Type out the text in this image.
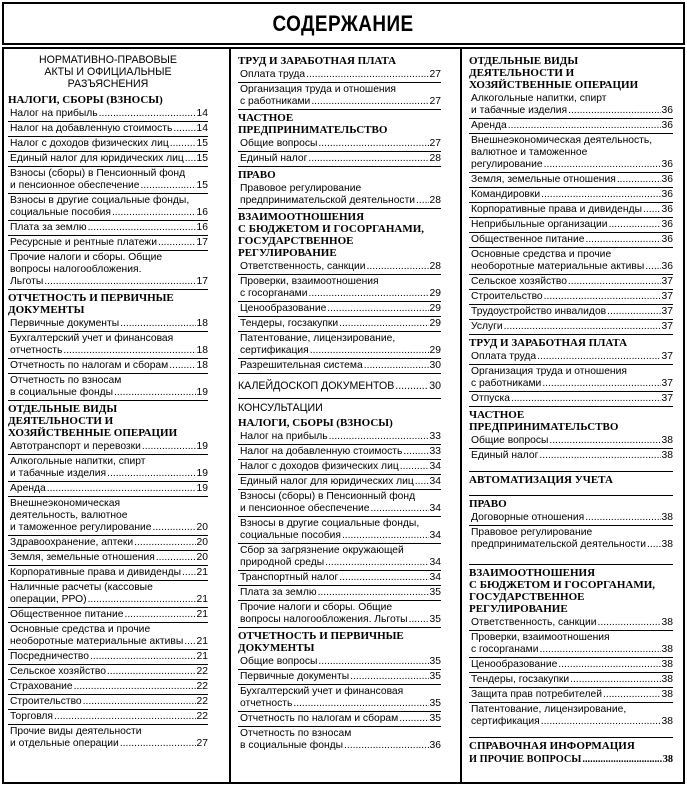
СОДЕРЖАНИЕ
НОРМАТИВНО-ПРАВОВЫЕ
АКТЫ И ОФИЦИАЛЬНЫЕ
РАЗЪЯСНЕНИЯ
НАЛОГИ, СБОРЫ (ВЗНОСЫ)
Налог на прибыль .....	14
Налог на добавленную стоимость ..... 14
Налог с доходов физических лиц .....	15
Единый налог для юридических лиц ..... 15
Взносы (сборы) в Пенсионный фонд
и пенсионное обеспечение .....	15
Взносы в другие социальные фонды,
социальные пособия .....	16
Плата за землю .....	16
Ресурсные и рентные платежи .....	17
Прочие налоги и сборы. Общие
вопросы налогообложения.
Льготы .....	17
ОТЧЕТНОСТЬ И ПЕРВИЧНЫЕ
ДОКУМЕНТЫ
Первичные документы .....	18
Бухгалтерский учет и финансовая
отчетность .....	18
Отчетность по налогам и сборам .....	18
Отчетность по взносам
в социальные фонды .....	19
ОТДЕЛЬНЫЕ ВИДЫ
ДЕЯТЕЛЬНОСТИ И
ХОЗЯЙСТВЕННЫЕ ОПЕРАЦИИ
Автотранспорт и перевозки .....	19
Алкогольные напитки, спирт
и табачные изделия .....	19
Аренда .....	19
Внешнеэкономическая
деятельность, валютное
и таможенное регулирование .....	20
Здравоохранение, аптеки .....	20
Земля, земельные отношения .....	20
Корпоративные права и дивиденды ..... 21
Наличные расчеты (кассовые
операции, РРО) .....	21
Общественное питание .....	21
Основные средства и прочие
необоротные материальные активы ..... 21
Посредничество .....	21
Сельское хозяйство .....	22
Страхование .....	22
Строительство .....	22
Торговля .....	22
Прочие виды деятельности
и отдельные операции .....	27
ТРУД И ЗАРАБОТНАЯ ПЛАТА
Оплата труда .....	27
Организация труда и отношения
с работниками .....	27
ЧАСТНОЕ
ПРЕДПРИНИМАТЕЛЬСТВО
Общие вопросы .....	27
Единый налог .....	28
ПРАВО
Правовое регулирование
предпринимательской деятельности ..... 28
ВЗАИМООТНОШЕНИЯ
С БЮДЖЕТОМ И ГОСОРГАНАМИ,
ГОСУДАРСТВЕННОЕ
РЕГУЛИРОВАНИЕ
Ответственность, санкции .....	28
Проверки, взаимоотношения
с госорганами .....	29
Ценообразование .....	29
Тендеры, госзакупки .....	29
Патентование, лицензирование,
сертификация .....	29
Разрешительная система .....	30
КАЛЕЙДОСКОП ДОКУМЕНТОВ .....	30
КОНСУЛЬТАЦИИ
НАЛОГИ, СБОРЫ (ВЗНОСЫ)
Налог на прибыль .....	33
Налог на добавленную стоимость .....	33
Налог с доходов физических лиц .....	34
Единый налог для юридических лиц ..... 34
Взносы (сборы) в Пенсионный фонд
и пенсионное обеспечение .....	34
Взносы в другие социальные фонды,
социальные пособия .....	34
Сбор за загрязнение окружающей
природной среды .....	34
Транспортный налог .....	34
Плата за землю .....	35
Прочие налоги и сборы. Общие
вопросы налогообложения. Льготы ..... 35
ОТЧЕТНОСТЬ И ПЕРВИЧНЫЕ
ДОКУМЕНТЫ
Общие вопросы .....	35
Первичные документы .....	35
Бухгалтерский учет и финансовая
отчетность .....	35
Отчетность по налогам и сборам .....	35
Отчетность по взносам
в социальные фонды .....	36
ОТДЕЛЬНЫЕ ВИДЫ
ДЕЯТЕЛЬНОСТИ И
ХОЗЯЙСТВЕННЫЕ ОПЕРАЦИИ
Алкогольные напитки, спирт
и табачные изделия .....	36
Аренда .....	36
Внешнеэкономическая деятельность,
валютное и таможенное
регулирование .....	36
Земля, земельные отношения .....	36
Командировки .....	36
Корпоративные права и дивиденды ..... 36
Неприбыльные организации .....	36
Общественное питание .....	36
Основные средства и прочие
необоротные материальные активы ..... 36
Сельское хозяйство .....	37
Строительство .....	37
Трудоустройство инвалидов .....	37
Услуги .....	37
ТРУД И ЗАРАБОТНАЯ ПЛАТА
Оплата труда .....	37
Организация труда и отношения
с работниками .....	37
Отпуска .....	37
ЧАСТНОЕ
ПРЕДПРИНИМАТЕЛЬСТВО
Общие вопросы .....	38
Единый налог .....	38
АВТОМАТИЗАЦИЯ УЧЕТА
ПРАВО
Договорные отношения .....	38
Правовое регулирование
предпринимательской деятельности ..... 38
ВЗАИМООТНОШЕНИЯ
С БЮДЖЕТОМ И ГОСОРГАНАМИ,
ГОСУДАРСТВЕННОЕ
РЕГУЛИРОВАНИЕ
Ответственность, санкции .....	38
Проверки, взаимоотношения
с госорганами .....	38
Ценообразование .....	38
Тендеры, госзакупки .....	38
Защита прав потребителей .....	38
Патентование, лицензирование,
сертификация .....	38
СПРАВОЧНАЯ ИНФОРМАЦИЯ
И ПРОЧИЕ ВОПРОСЫ .....	38
